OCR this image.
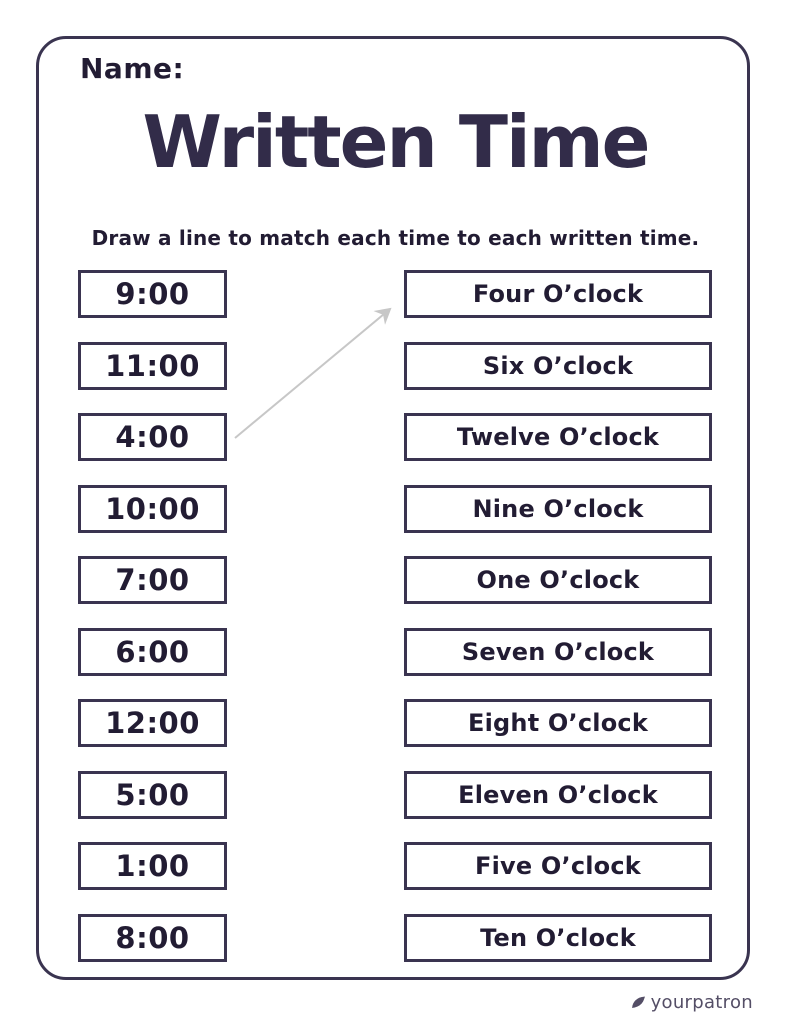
Name:
Written Time
Draw a line to match each time to each written time.
9:00	Four O’clock
11:00	Six O’clock
4:00	Twelve O’clock
10:00	Nine O’clock
7:00	One O’clock
6:00	Seven O’clock
12:00	Eight O’clock
5:00	Eleven O’clock
1:00	Five O’clock
8:00	Ten O’clock
yourpatron
